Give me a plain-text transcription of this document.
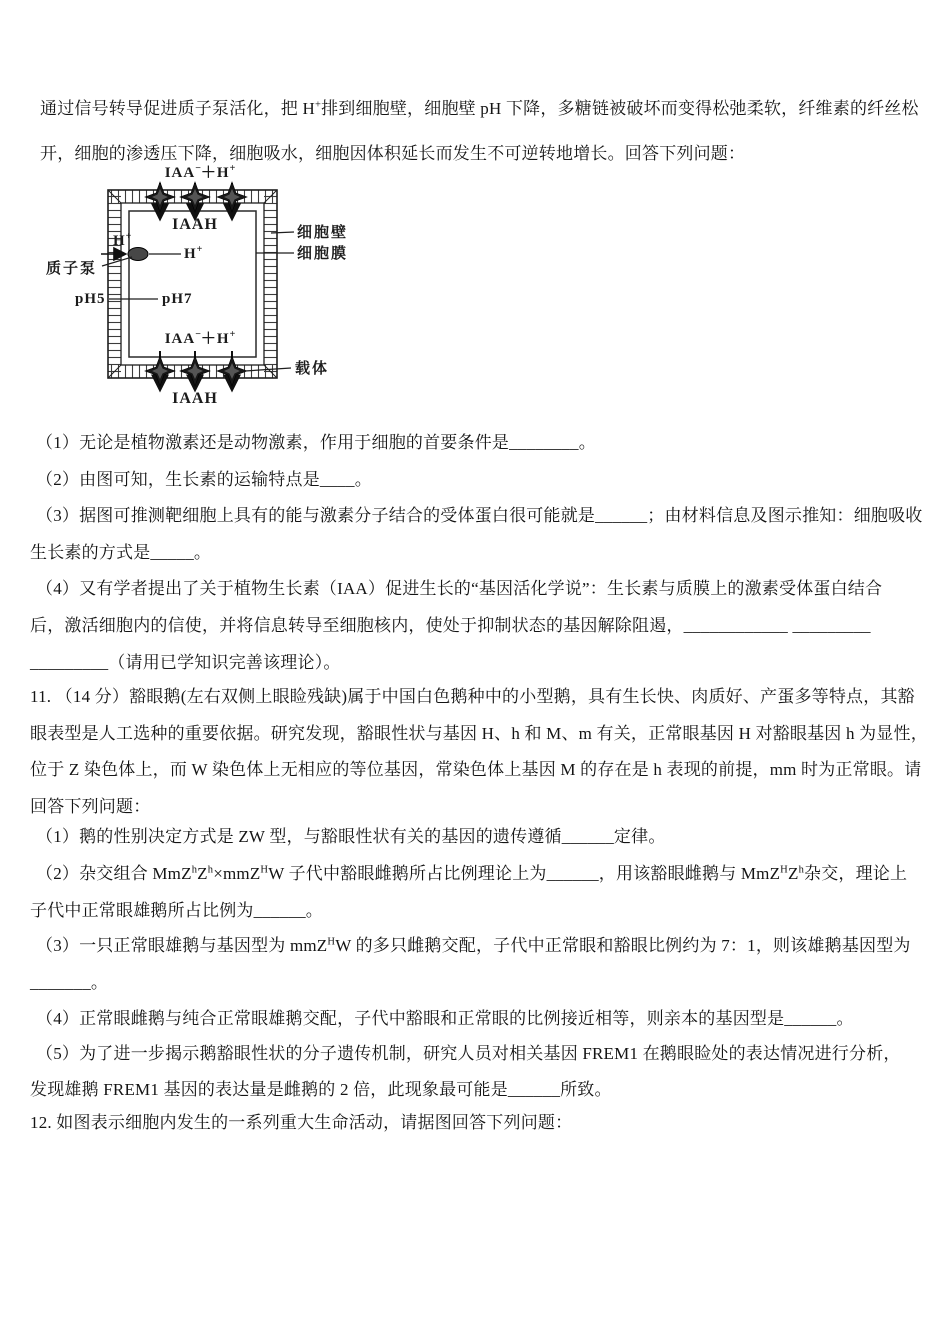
通过信号转导促进质子泵活化，把 H+排到细胞壁，细胞壁 pH 下降，多糖链被破坏而变得松弛柔软，纤维素的纤丝松
开，细胞的渗透压下降，细胞吸水，细胞因体积延长而发生不可逆转地增长。回答下列问题：
IAA−＋H+
IAAH
H+
H+
质子泵
pH5	pH7
IAA−＋H+
IAAH
细胞壁
细胞膜
载体
（1）无论是植物激素还是动物激素，作用于细胞的首要条件是________。
（2）由图可知，生长素的运输特点是____。
（3）据图可推测靶细胞上具有的能与激素分子结合的受体蛋白很可能就是______；由材料信息及图示推知：细胞吸收
生长素的方式是_____。
（4）又有学者提出了关于植物生长素（IAA）促进生长的“基因活化学说”：生长素与质膜上的激素受体蛋白结合
后，激活细胞内的信使，并将信息转导至细胞核内，使处于抑制状态的基因解除阻遏，____________ _________
_________（请用已学知识完善该理论）。
11. （14 分）豁眼鹅(左右双侧上眼睑残缺)属于中国白色鹅种中的小型鹅，具有生长快、肉质好、产蛋多等特点，其豁
眼表型是人工选种的重要依据。研究发现，豁眼性状与基因 H、h 和 M、m 有关，正常眼基因 H 对豁眼基因 h 为显性，
位于 Z 染色体上，而 W 染色体上无相应的等位基因，常染色体上基因 M 的存在是 h 表现的前提，mm 时为正常眼。请
回答下列问题：
（1）鹅的性别决定方式是 ZW 型，与豁眼性状有关的基因的遗传遵循______定律。
（2）杂交组合 $MmZ^hZ^h\times mmZ^HW$ 子代中豁眼雌鹅所占比例理论上为______，用该豁眼雌鹅与 $MmZ^HZ^h$杂交，理论上
子代中正常眼雄鹅所占比例为______。
（3）一只正常眼雄鹅与基因型为 mmZ$^H$W 的多只雌鹅交配，子代中正常眼和豁眼比例约为 7：1，则该雄鹅基因型为
_______。
（4）正常眼雌鹅与纯合正常眼雄鹅交配，子代中豁眼和正常眼的比例接近相等，则亲本的基因型是______。
（5）为了进一步揭示鹅豁眼性状的分子遗传机制，研究人员对相关基因 FREM1 在鹅眼睑处的表达情况进行分析，
发现雄鹅 FREM1 基因的表达量是雌鹅的 2 倍，此现象最可能是______所致。
12. 如图表示细胞内发生的一系列重大生命活动，请据图回答下列问题：
